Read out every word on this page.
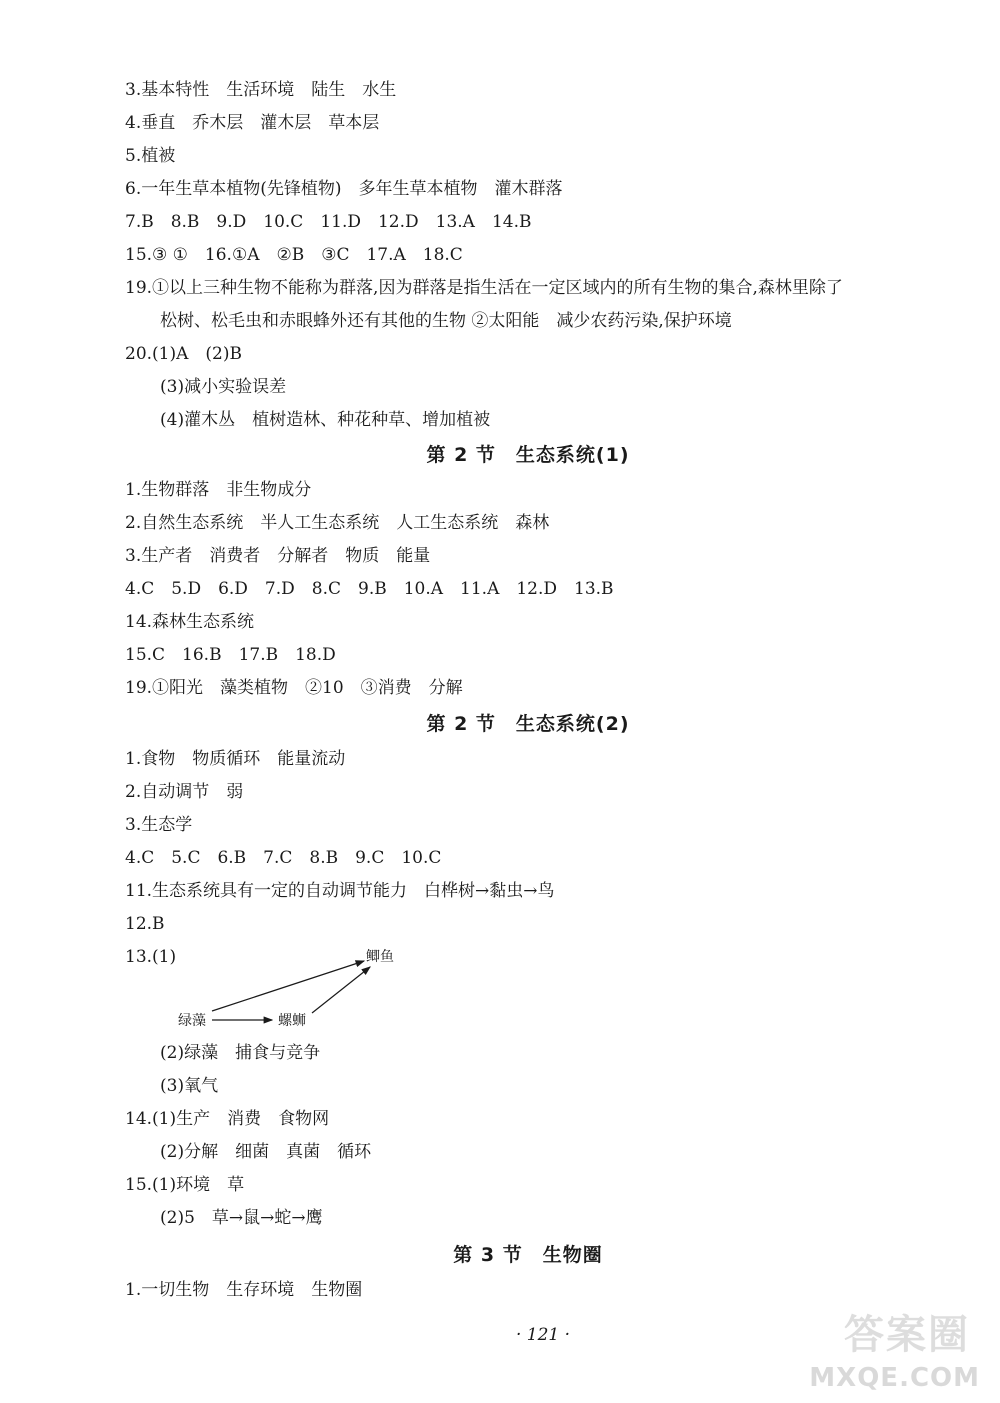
3.基本特性　生活环境　陆生　水生
4.垂直　乔木层　灌木层　草本层
5.植被
6.一年生草本植物(先锋植物)　多年生草本植物　灌木群落
7.B　8.B　9.D　10.C　11.D　12.D　13.A　14.B
15.③ ①　16.①A　②B　③C　17.A　18.C
19.①以上三种生物不能称为群落,因为群落是指生活在一定区域内的所有生物的集合,森林里除了
松树、松毛虫和赤眼蜂外还有其他的生物 ②太阳能　减少农药污染,保护环境
20.(1)A　(2)B
(3)减小实验误差
(4)灌木丛　植树造林、种花种草、增加植被
第 2 节　生态系统(1)
1.生物群落　非生物成分
2.自然生态系统　半人工生态系统　人工生态系统　森林
3.生产者　消费者　分解者　物质　能量
4.C　5.D　6.D　7.D　8.C　9.B　10.A　11.A　12.D　13.B
14.森林生态系统
15.C　16.B　17.B　18.D
19.①阳光　藻类植物　②10　③消费　分解
第 2 节　生态系统(2)
1.食物　物质循环　能量流动
2.自动调节　弱
3.生态学
4.C　5.C　6.B　7.C　8.B　9.C　10.C
11.生态系统具有一定的自动调节能力　白桦树→黏虫→鸟
12.B
13.(1)
绿藻	螺蛳
鲫鱼
(2)绿藻　捕食与竞争
(3)氧气
14.(1)生产　消费　食物网
(2)分解　细菌　真菌　循环
15.(1)环境　草
(2)5　草→鼠→蛇→鹰
第 3 节　生物圈
1.一切生物　生存环境　生物圈
· 121 ·	答案圈
MXQE.COM
